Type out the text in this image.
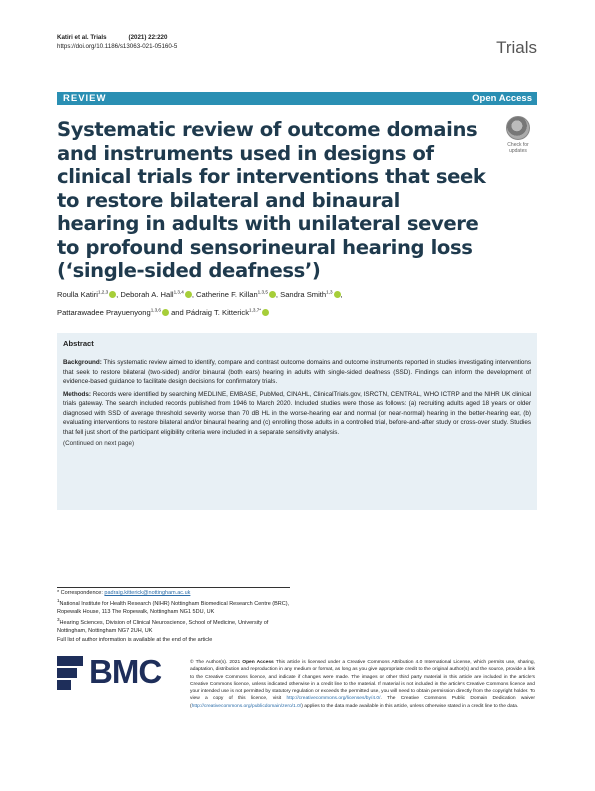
Katiri et al. Trials	(2021) 22:220
https://doi.org/10.1186/s13063-021-05160-5	Trials
REVIEW	Open Access
Systematic review of outcome domains and instruments used in designs of clinical trials for interventions that seek to restore bilateral and binaural hearing in adults with unilateral severe to profound sensorineural hearing loss (‘single-sided deafness’)
Check for
updates
Roulla Katiri$^{1,2,3}$ , Deborah A. Hall$^{1,3,4}$ , Catherine F. Killan$^{1,3,5}$ , Sandra Smith$^{1,3}$ ,
Pattarawadee Prayuenyong$^{1,3,6}$ and Pádraig T. Kitterick$^{1,3,7*}$
Abstract

Background: This systematic review aimed to identify, compare and contrast outcome domains and outcome instruments reported in studies investigating interventions that seek to restore bilateral (two-sided) and/or binaural (both ears) hearing in adults with single-sided deafness (SSD). Findings can inform the development of evidence-based guidance to facilitate design decisions for confirmatory trials.

Methods: Records were identified by searching MEDLINE, EMBASE, PubMed, CINAHL, ClinicalTrials.gov, ISRCTN, CENTRAL, WHO ICTRP and the NIHR UK clinical trials gateway. The search included records published from 1946 to March 2020. Included studies were those as follows: (a) recruiting adults aged 18 years or older diagnosed with SSD of average threshold severity worse than 70 dB HL in the worse-hearing ear and normal (or near-normal) hearing in the better-hearing ear, (b) evaluating interventions to restore bilateral and/or binaural hearing and (c) enrolling those adults in a controlled trial, before-and-after study or cross-over study. Studies that fell just short of the participant eligibility criteria were included in a separate sensitivity analysis.

(Continued on next page)
* Correspondence: padraig.kitterick@nottingham.ac.uk
$^1$National Institute for Health Research (NIHR) Nottingham Biomedical Research Centre (BRC), Ropewalk House, 113 The Ropewalk, Nottingham NG1 5DU, UK
$^3$Hearing Sciences, Division of Clinical Neuroscience, School of Medicine, University of Nottingham, Nottingham NG7 2UH, UK
Full list of author information is available at the end of the article
BMC	© The Author(s). 2021 Open Access This article is licensed under a Creative Commons Attribution 4.0 International License, which permits use, sharing, adaptation, distribution and reproduction in any medium or format, as long as you give appropriate credit to the original author(s) and the source, provide a link to the Creative Commons licence, and indicate if changes were made. The images or other third party material in this article are included in the article's Creative Commons licence, unless indicated otherwise in a credit line to the material. If material is not included in the article's Creative Commons licence and your intended use is not permitted by statutory regulation or exceeds the permitted use, you will need to obtain permission directly from the copyright holder. To view a copy of this licence, visit http://creativecommons.org/licenses/by/4.0/. The Creative Commons Public Domain Dedication waiver (http://creativecommons.org/publicdomain/zero/1.0/) applies to the data made available in this article, unless otherwise stated in a credit line to the data.
